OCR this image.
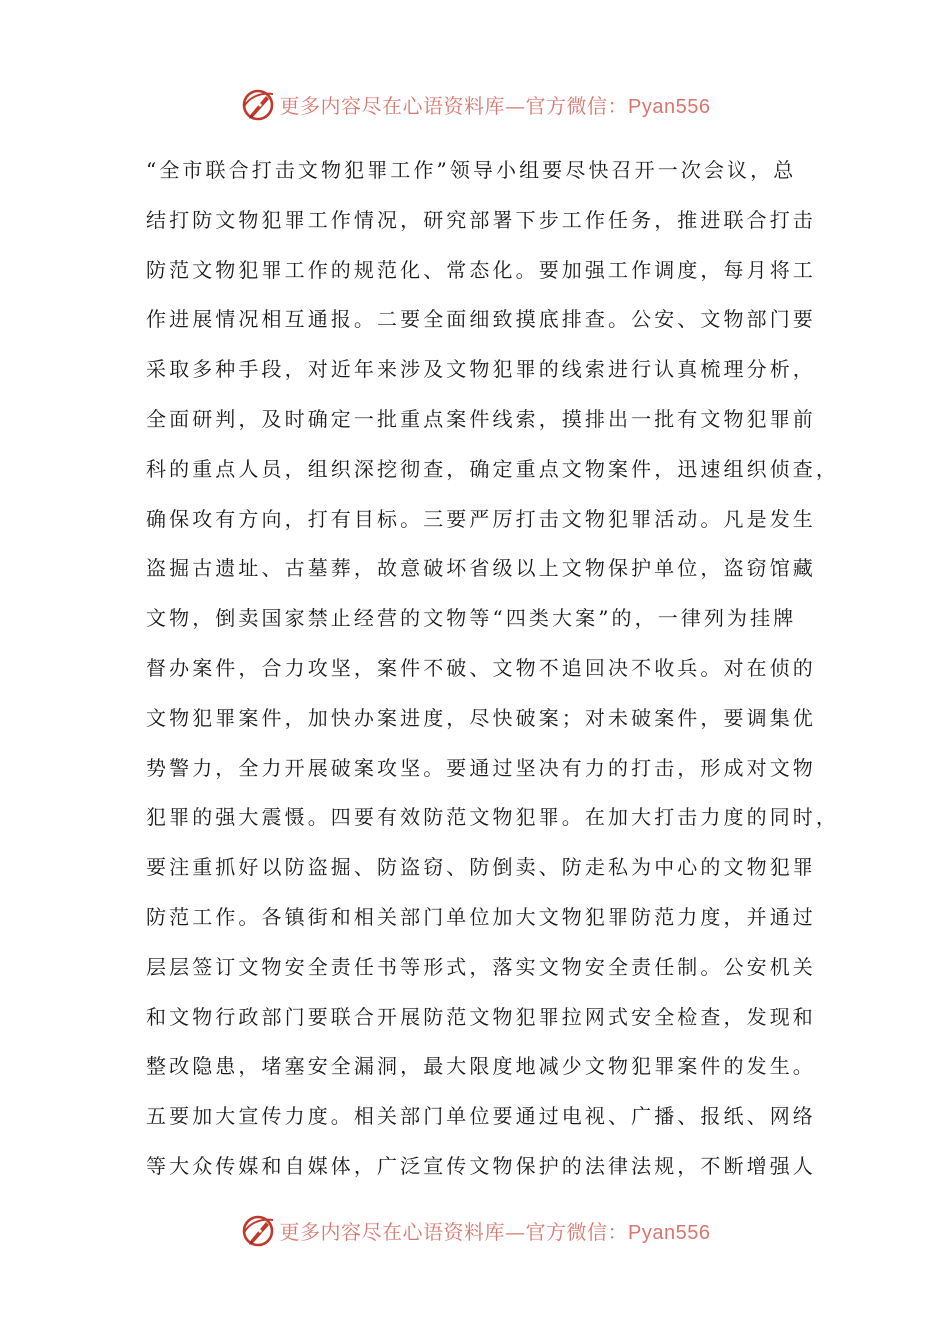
更多内容尽在心语资料库—官方微信：Pyan556
“全市联合打击文物犯罪工作”领导小组要尽快召开一次会议，总
结打防文物犯罪工作情况，研究部署下步工作任务，推进联合打击
防范文物犯罪工作的规范化、常态化。要加强工作调度，每月将工
作进展情况相互通报。二要全面细致摸底排查。公安、文物部门要
采取多种手段，对近年来涉及文物犯罪的线索进行认真梳理分析，
全面研判，及时确定一批重点案件线索，摸排出一批有文物犯罪前
科的重点人员，组织深挖彻查，确定重点文物案件，迅速组织侦查，
确保攻有方向，打有目标。三要严厉打击文物犯罪活动。凡是发生
盗掘古遗址、古墓葬，故意破坏省级以上文物保护单位，盗窃馆藏
文物，倒卖国家禁止经营的文物等“四类大案”的，一律列为挂牌
督办案件，合力攻坚，案件不破、文物不追回决不收兵。对在侦的
文物犯罪案件，加快办案进度，尽快破案；对未破案件，要调集优
势警力，全力开展破案攻坚。要通过坚决有力的打击，形成对文物
犯罪的强大震慑。四要有效防范文物犯罪。在加大打击力度的同时，
要注重抓好以防盗掘、防盗窃、防倒卖、防走私为中心的文物犯罪
防范工作。各镇街和相关部门单位加大文物犯罪防范力度，并通过
层层签订文物安全责任书等形式，落实文物安全责任制。公安机关
和文物行政部门要联合开展防范文物犯罪拉网式安全检查，发现和
整改隐患，堵塞安全漏洞，最大限度地减少文物犯罪案件的发生。
五要加大宣传力度。相关部门单位要通过电视、广播、报纸、网络
等大众传媒和自媒体，广泛宣传文物保护的法律法规，不断增强人
更多内容尽在心语资料库—官方微信：Pyan556
